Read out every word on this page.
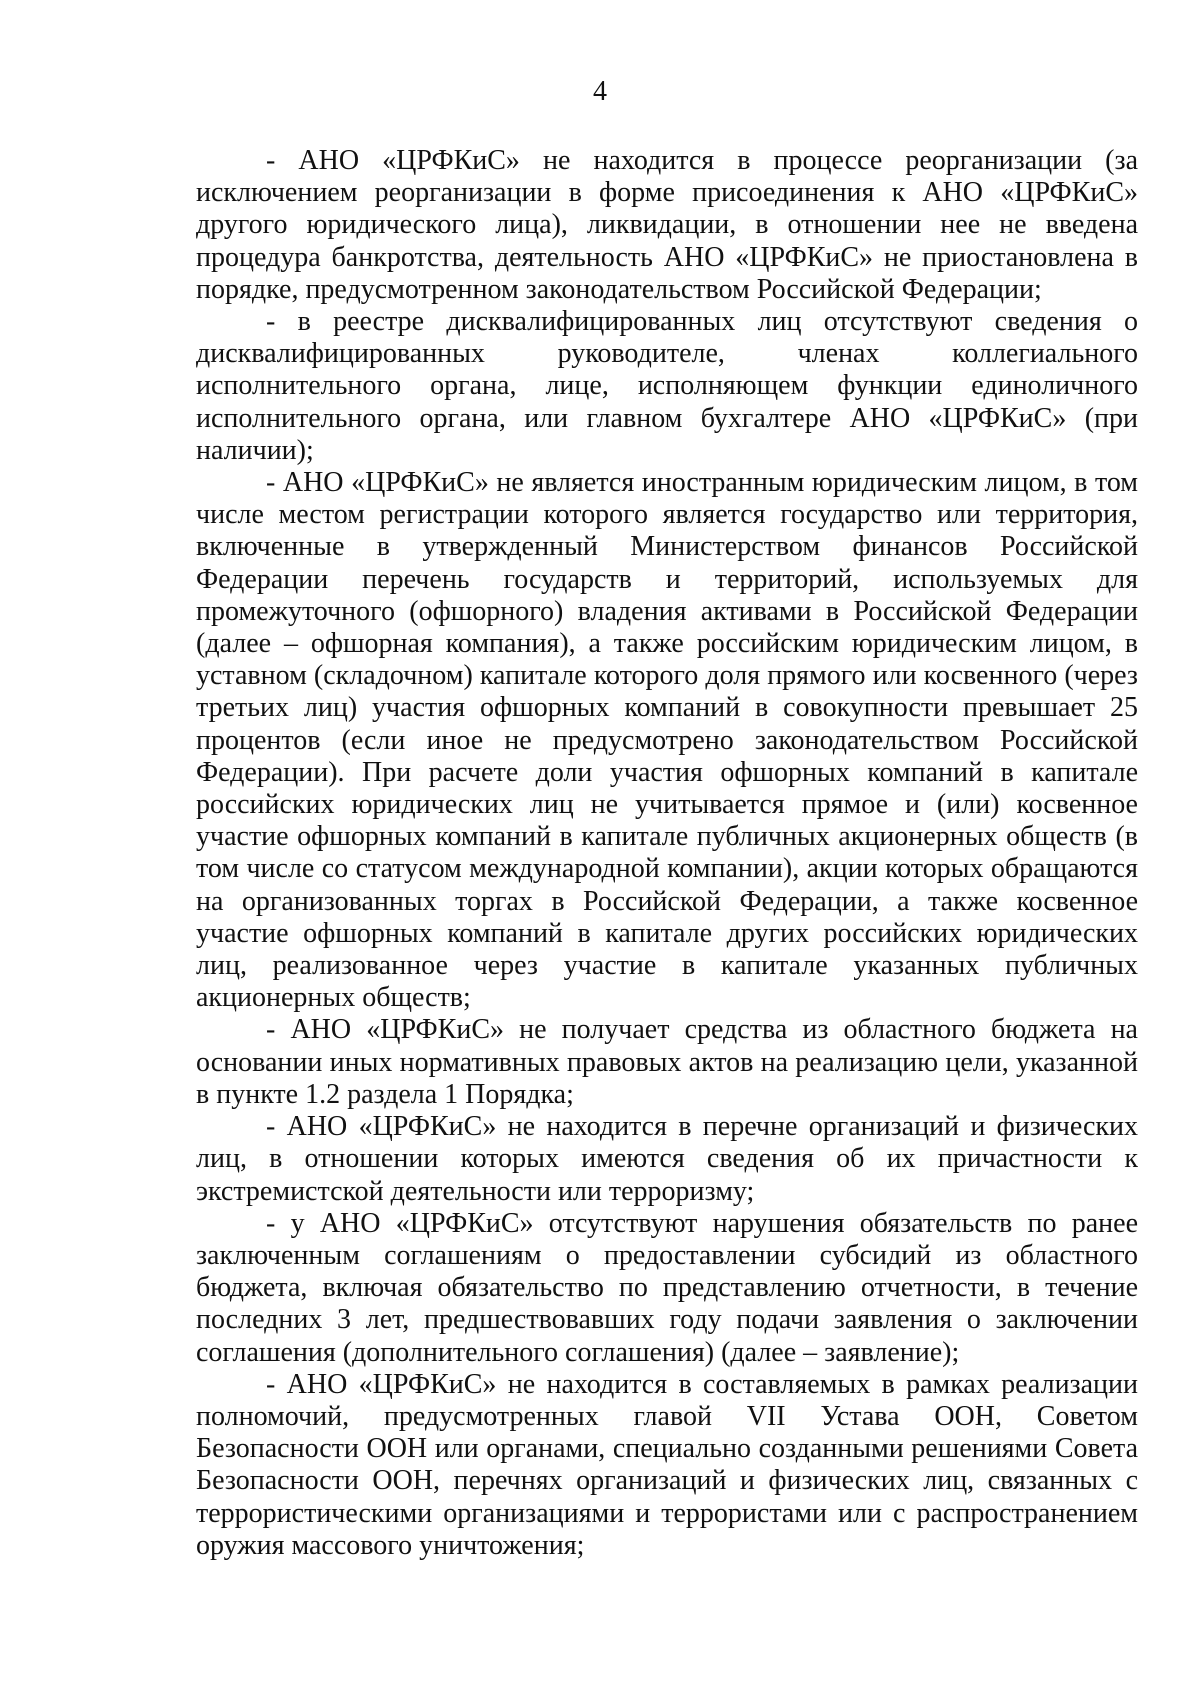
4

- АНО «ЦРФКиС» не находится в процессе реорганизации (за исключением реорганизации в форме присоединения к АНО «ЦРФКиС» другого юридического лица), ликвидации, в отношении нее не введена процедура банкротства, деятельность АНО «ЦРФКиС» не приостановлена в порядке, предусмотренном законодательством Российской Федерации;

- в реестре дисквалифицированных лиц отсутствуют сведения о дисквалифицированных руководителе, членах коллегиального исполнительного органа, лице, исполняющем функции единоличного исполнительного органа, или главном бухгалтере АНО «ЦРФКиС» (при наличии);

- АНО «ЦРФКиС» не является иностранным юридическим лицом, в том числе местом регистрации которого является государство или территория, включенные в утвержденный Министерством финансов Российской Федерации перечень государств и территорий, используемых для промежуточного (офшорного) владения активами в Российской Федерации (далее – офшорная компания), а также российским юридическим лицом, в уставном (складочном) капитале которого доля прямого или косвенного (через третьих лиц) участия офшорных компаний в совокупности превышает 25 процентов (если иное не предусмотрено законодательством Российской Федерации). При расчете доли участия офшорных компаний в капитале российских юридических лиц не учитывается прямое и (или) косвенное участие офшорных компаний в капитале публичных акционерных обществ (в том числе со статусом международной компании), акции которых обращаются на организованных торгах в Российской Федерации, а также косвенное участие офшорных компаний в капитале других российских юридических лиц, реализованное через участие в капитале указанных публичных акционерных обществ;

- АНО «ЦРФКиС» не получает средства из областного бюджета на основании иных нормативных правовых актов на реализацию цели, указанной в пункте 1.2 раздела 1 Порядка;

- АНО «ЦРФКиС» не находится в перечне организаций и физических лиц, в отношении которых имеются сведения об их причастности к экстремистской деятельности или терроризму;

- у АНО «ЦРФКиС» отсутствуют нарушения обязательств по ранее заключенным соглашениям о предоставлении субсидий из областного бюджета, включая обязательство по представлению отчетности, в течение последних 3 лет, предшествовавших году подачи заявления о заключении соглашения (дополнительного соглашения) (далее – заявление);

- АНО «ЦРФКиС» не находится в составляемых в рамках реализации полномочий, предусмотренных главой VII Устава ООН, Советом Безопасности ООН или органами, специально созданными решениями Совета Безопасности ООН, перечнях организаций и физических лиц, связанных с террористическими организациями и террористами или с распространением оружия массового уничтожения;
